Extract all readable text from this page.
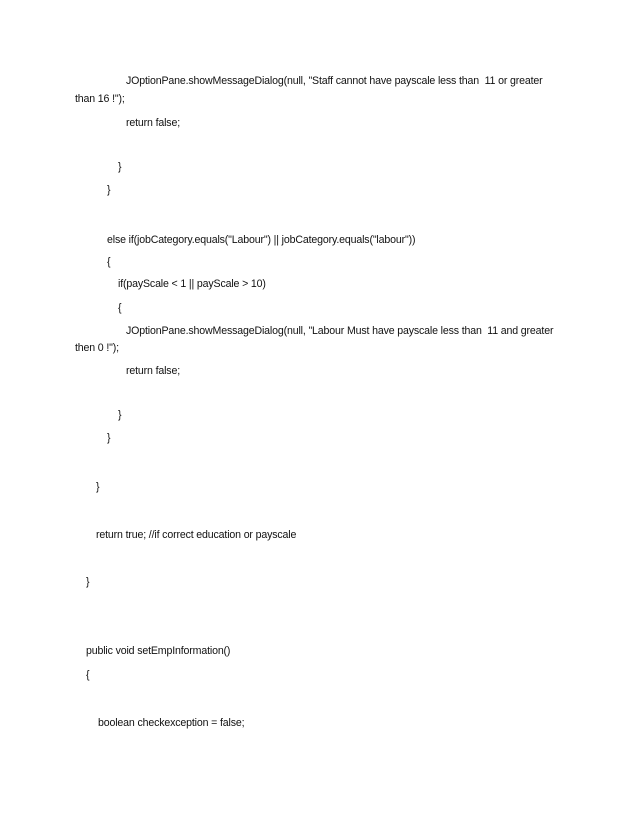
JOptionPane.showMessageDialog(null, "Staff cannot have payscale less than  11 or greater
than 16 !");
return false;
}
}
else if(jobCategory.equals("Labour") || jobCategory.equals("labour"))
{
if(payScale < 1 || payScale > 10)
{
JOptionPane.showMessageDialog(null, "Labour Must have payscale less than  11 and greater
then 0 !");
return false;
}
}
}
return true; //if correct education or payscale
}
public void setEmpInformation()
{
boolean checkexception = false;
